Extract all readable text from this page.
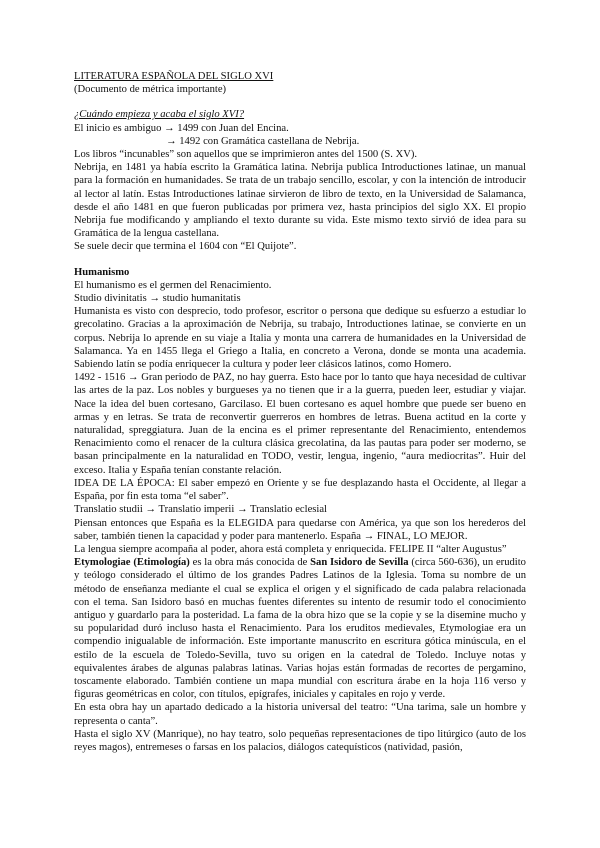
LITERATURA ESPAÑOLA DEL SIGLO XVI

(Documento de métrica importante)

¿Cuándo empieza y acaba el siglo XVI?

El inicio es ambiguo → 1499 con Juan del Encina.

→ 1492 con Gramática castellana de Nebrija.

Los libros “incunables” son aquellos que se imprimieron antes del 1500 (S. XV).

Nebrija, en 1481 ya había escrito la Gramática latina. Nebrija publica Introductiones latinae, un manual para la formación en humanidades. Se trata de un trabajo sencillo, escolar, y con la intención de introducir al lector al latín. Estas Introductiones latinae sirvieron de libro de texto, en la Universidad de Salamanca, desde el año 1481 en que fueron publicadas por primera vez, hasta principios del siglo XX. El propio Nebrija fue modificando y ampliando el texto durante su vida. Este mismo texto sirvió de idea para su Gramática de la lengua castellana.

Se suele decir que termina el 1604 con “El Quijote”.

Humanismo

El humanismo es el germen del Renacimiento.

Studio divinitatis → studio humanitatis

Humanista es visto con desprecio, todo profesor, escritor o persona que dedique su esfuerzo a estudiar lo grecolatino. Gracias a la aproximación de Nebrija, su trabajo, Introductiones latinae, se convierte en un corpus. Nebrija lo aprende en su viaje a Italia y monta una carrera de humanidades en la Universidad de Salamanca. Ya en 1455 llega el Griego a Italia, en concreto a Verona, donde se monta una academia. Sabiendo latín se podía enriquecer la cultura y poder leer clásicos latinos, como Homero.

1492 - 1516 → Gran periodo de PAZ, no hay guerra. Esto hace por lo tanto que haya necesidad de cultivar las artes de la paz. Los nobles y burgueses ya no tienen que ir a la guerra, pueden leer, estudiar y viajar. Nace la idea del buen cortesano, Garcilaso. El buen cortesano es aquel hombre que puede ser bueno en armas y en letras. Se trata de reconvertir guerreros en hombres de letras. Buena actitud en la corte y naturalidad, spreggiatura. Juan de la encina es el primer representante del Renacimiento, entendemos Renacimiento como el renacer de la cultura clásica grecolatina, da las pautas para poder ser moderno, se basan principalmente en la naturalidad en TODO, vestir, lengua, ingenio, “aura mediocritas”. Huir del exceso. Italia y España tenían constante relación.

IDEA DE LA ÉPOCA: El saber empezó en Oriente y se fue desplazando hasta el Occidente, al llegar a España, por fin esta toma “el saber”.

Translatio studii → Translatio imperii → Translatio eclesial

Piensan entonces que España es la ELEGIDA para quedarse con América, ya que son los herederos del saber, también tienen la capacidad y poder para mantenerlo. España → FINAL, LO MEJOR.

La lengua siempre acompaña al poder, ahora está completa y enriquecida. FELIPE II “alter Augustus”

Etymologiae (Etimología) es la obra más conocida de San Isidoro de Sevilla (circa 560-636), un erudito y teólogo considerado el último de los grandes Padres Latinos de la Iglesia. Toma su nombre de un método de enseñanza mediante el cual se explica el origen y el significado de cada palabra relacionada con el tema. San Isidoro basó en muchas fuentes diferentes su intento de resumir todo el conocimiento antiguo y guardarlo para la posteridad. La fama de la obra hizo que se la copie y se la disemine mucho y su popularidad duró incluso hasta el Renacimiento. Para los eruditos medievales, Etymologiae era un compendio inigualable de información. Este importante manuscrito en escritura gótica minúscula, en el estilo de la escuela de Toledo-Sevilla, tuvo su origen en la catedral de Toledo. Incluye notas y equivalentes árabes de algunas palabras latinas. Varias hojas están formadas de recortes de pergamino, toscamente elaborado. También contiene un mapa mundial con escritura árabe en la hoja 116 verso y figuras geométricas en color, con títulos, epígrafes, iniciales y capitales en rojo y verde.

En esta obra hay un apartado dedicado a la historia universal del teatro: “Una tarima, sale un hombre y representa o canta”.

Hasta el siglo XV (Manrique), no hay teatro, solo pequeñas representaciones de tipo litúrgico (auto de los reyes magos), entremeses o farsas en los palacios, diálogos catequísticos (natividad, pasión,
